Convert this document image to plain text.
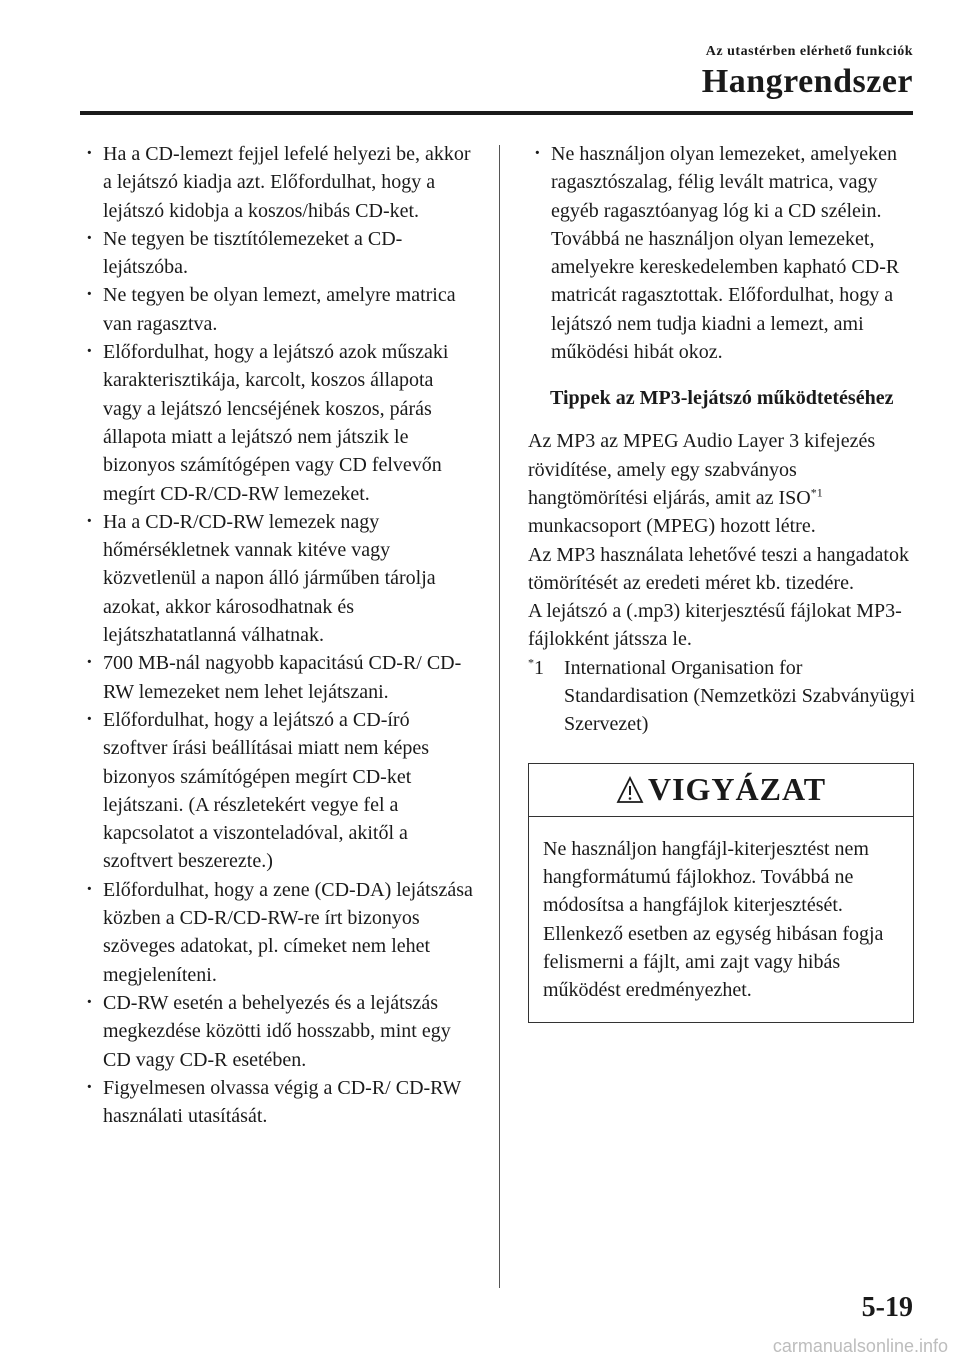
Az utastérben elérhető funkciók
Hangrendszer
· Ha a CD-lemezt fejjel lefelé helyezi be, akkor a lejátszó kiadja azt. Előfordulhat, hogy a lejátszó kidobja a koszos/hibás CD-ket.
· Ne tegyen be tisztítólemezeket a CD-lejátszóba.
· Ne tegyen be olyan lemezt, amelyre matrica van ragasztva.
· Előfordulhat, hogy a lejátszó azok műszaki karakterisztikája, karcolt, koszos állapota vagy a lejátszó lencséjének koszos, párás állapota miatt a lejátszó nem játszik le bizonyos számítógépen vagy CD felvevőn megírt CD-R/CD-RW lemezeket.
· Ha a CD-R/CD-RW lemezek nagy hőmérsékletnek vannak kitéve vagy közvetlenül a napon álló járműben tárolja azokat, akkor károsodhatnak és lejátszhatatlanná válhatnak.
· 700 MB-nál nagyobb kapacitású CD-R/ CD-RW lemezeket nem lehet lejátszani.
· Előfordulhat, hogy a lejátszó a CD-író szoftver írási beállításai miatt nem képes bizonyos számítógépen megírt CD-ket lejátszani. (A részletekért vegye fel a kapcsolatot a viszonteladóval, akitől a szoftvert beszerezte.)
· Előfordulhat, hogy a zene (CD-DA) lejátszása közben a CD-R/CD-RW-re írt bizonyos szöveges adatokat, pl. címeket nem lehet megjeleníteni.
· CD-RW esetén a behelyezés és a lejátszás megkezdése közötti idő hosszabb, mint egy CD vagy CD-R esetében.
· Figyelmesen olvassa végig a CD-R/ CD-RW használati utasítását.
· Ne használjon olyan lemezeket, amelyeken ragasztószalag, félig levált matrica, vagy egyéb ragasztóanyag lóg ki a CD szélein. Továbbá ne használjon olyan lemezeket, amelyekre kereskedelemben kapható CD-R matricát ragasztottak. Előfordulhat, hogy a lejátszó nem tudja kiadni a lemezt, ami működési hibát okoz.
Tippek az MP3-lejátszó működtetéséhez

Az MP3 az MPEG Audio Layer 3 kifejezés rövidítése, amely egy szabványos hangtömörítési eljárás, amit az ISO$^{*1}$ munkacsoport (MPEG) hozott létre.

Az MP3 használata lehetővé teszi a hangadatok tömörítését az eredeti méret kb. tizedére.

A lejátszó a (.mp3) kiterjesztésű fájlokat MP3-fájlokként játssza le.

*1	International Organisation for Standardisation (Nemzetközi Szabványügyi Szervezet)
VIGYÁZAT
Ne használjon hangfájl-kiterjesztést nem hangformátumú fájlokhoz. Továbbá ne módosítsa a hangfájlok kiterjesztését. Ellenkező esetben az egység hibásan fogja felismerni a fájlt, ami zajt vagy hibás működést eredményezhet.
5-19
carmanualsonline.info
